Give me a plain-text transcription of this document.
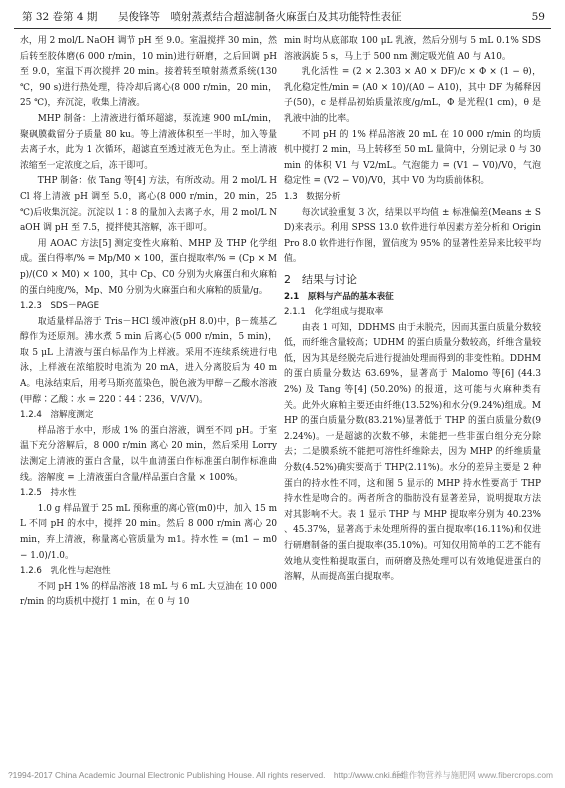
第 32 卷第 4 期 吴俊锋等　喷射蒸煮结合超滤制备火麻蛋白及其功能特性表征	59

水，用 2 mol/L NaOH 调节 pH 至 9.0。室温搅拌 30 min，然后转至胶体磨(6 000 r/min，10 min)进行研磨，之后回调 pH 至 9.0，室温下再次搅拌 20 min。接着转至喷射蒸煮系统(130 ℃，90 s)进行热处理，待冷却后离心(8 000 r/min，20 min，25 ℃)，弃沉淀，收集上清液。

MHP 制备：上清液进行循环超滤，泵流速 900 mL/min，聚砜膜截留分子质量 80 ku。等上清液体积至一半时，加入等量去离子水，此为 1 次循环，超滤直至透过液无色为止。至上清液浓缩至一定浓度之后，冻干即可。

THP 制备：依 Tang 等[4] 方法，有所改动。用 2 mol/L HCl 将上清液 pH 调至 5.0，离心(8 000 r/min，20 min，25 ℃)后收集沉淀。沉淀以 1∶8 的量加入去离子水，用 2 mol/L NaOH 调 pH 至 7.5，搅拌使其溶解，冻干即可。

用 AOAC 方法[5] 测定变性火麻粕、MHP 及 THP 化学组成。蛋白得率/% = Mp/M0 × 100，蛋白提取率/% = (Cp × Mp)/(C0 × M0) × 100，其中 Cp、C0 分别为火麻蛋白和火麻粕的蛋白纯度/%，Mp、M0 分别为火麻蛋白和火麻粕的质量/g。

1.2.3　SDS－PAGE

取适量样品溶于 Tris－HCl 缓冲液(pH 8.0)中，β－巯基乙醇作为还原剂。沸水煮 5 min 后离心(5 000 r/min，5 min)，取 5 μL 上清液与蛋白标品作为上样液。采用不连续系统进行电泳，上样液在浓缩胶时电流为 20 mA，进入分离胶后为 40 mA。电泳结束后，用考马斯亮蓝染色，脱色液为甲醇－乙酸水溶液(甲醇∶乙酸∶水 = 220∶44∶236，V/V/V)。

1.2.4　溶解度测定

样品溶于水中，形成 1% 的蛋白溶液，调至不同 pH。于室温下充分溶解后，8 000 r/min 离心 20 min，然后采用 Lorry 法测定上清液的蛋白含量，以牛血清蛋白作标准蛋白制作标准曲线。溶解度 = 上清液蛋白含量/样品蛋白含量 × 100%。

1.2.5　持水性

1.0 g 样品置于 25 mL 预称重的离心管(m0)中，加入 15 mL 不同 pH 的水中，搅拌 20 min。然后 8 000 r/min 离心 20 min，弃上清液，称量离心管质量为 m1。持水性 = (m1 − m0 − 1.0)/1.0。

1.2.6　乳化性与起泡性

不同 pH 1% 的样品溶液 18 mL 与 6 mL 大豆油在 10 000 r/min 的均质机中搅打 1 min，在 0 与 10

min 时均从底部取 100 μL 乳液，然后分别与 5 mL 0.1% SDS 溶液涡旋 5 s，马上于 500 nm 测定吸光值 A0 与 A10。

乳化活性 = (2 × 2.303 × A0 × DF)/c × Φ × (1 − θ)，乳化稳定性/min = (A0 × 10)/(A0 − A10)，其中 DF 为稀释因子(50)，c 是样品初始质量浓度/g/mL，Φ 是光程(1 cm)，θ 是乳液中油的比率。

不同 pH 的 1% 样品溶液 20 mL 在 10 000 r/min 的均质机中搅打 2 min，马上转移至 50 mL 量筒中，分别记录 0 与 30 min 的体积 V1 与 V2/mL。气泡能力 = (V1 − V0)/V0，气泡稳定性 = (V2 − V0)/V0，其中 V0 为均质前体积。

1.3　数据分析

每次试验重复 3 次，结果以平均值 ± 标准偏差(Means ± SD)来表示。利用 SPSS 13.0 软件进行单因素方差分析和 OriginPro 8.0 软件进行作图，置信度为 95% 的显著性差异来比较平均值。

2　结果与讨论

2.1　原料与产品的基本表征

2.1.1　化学组成与提取率

由表 1 可知，DDHMS 由于未脱壳，因而其蛋白质量分数较低，而纤维含量较高；UDHM 的蛋白质量分数较高，纤维含量较低，因为其是经脱壳后进行提油处理而得到的非变性粕。DDHM 的蛋白质量分数达 63.69%，显著高于 Malomo 等[6] (44.32%) 及 Tang 等[4] (50.20%) 的报道，这可能与火麻种类有关。此外火麻粕主要还由纤维(13.52%)和水分(9.24%)组成。MHP 的蛋白质量分数(83.21%)显著低于 THP 的蛋白质量分数(92.24%)。一是超滤的次数不够，未能把一些非蛋白组分充分除去；二是膜系统不能把可溶性纤维除去，因为 MHP 的纤维质量分数(4.52%)确实要高于 THP(2.11%)。水分的差异主要是 2 种蛋白的持水性不同，这和图 5 显示的 MHP 持水性要高于 THP 持水性是吻合的。两者所含的脂肪没有显著差异，说明提取方法对其影响不大。表 1 显示 THP 与 MHP 提取率分别为 40.23% 、45.37%，显著高于未处理所得的蛋白提取率(16.11%)和仅进行研磨制备的蛋白提取率(35.10%)。可知仅用简单的工艺不能有效地从变性粕提取蛋白，而研磨及热处理可以有效地促进蛋白的溶解，从而提高蛋白提取率。

?1994-2017 China Academic Journal Electronic Publishing House. All rights reserved.　http://www.cnki.net
纤维作物营养与施肥网 www.fibercrops.com
